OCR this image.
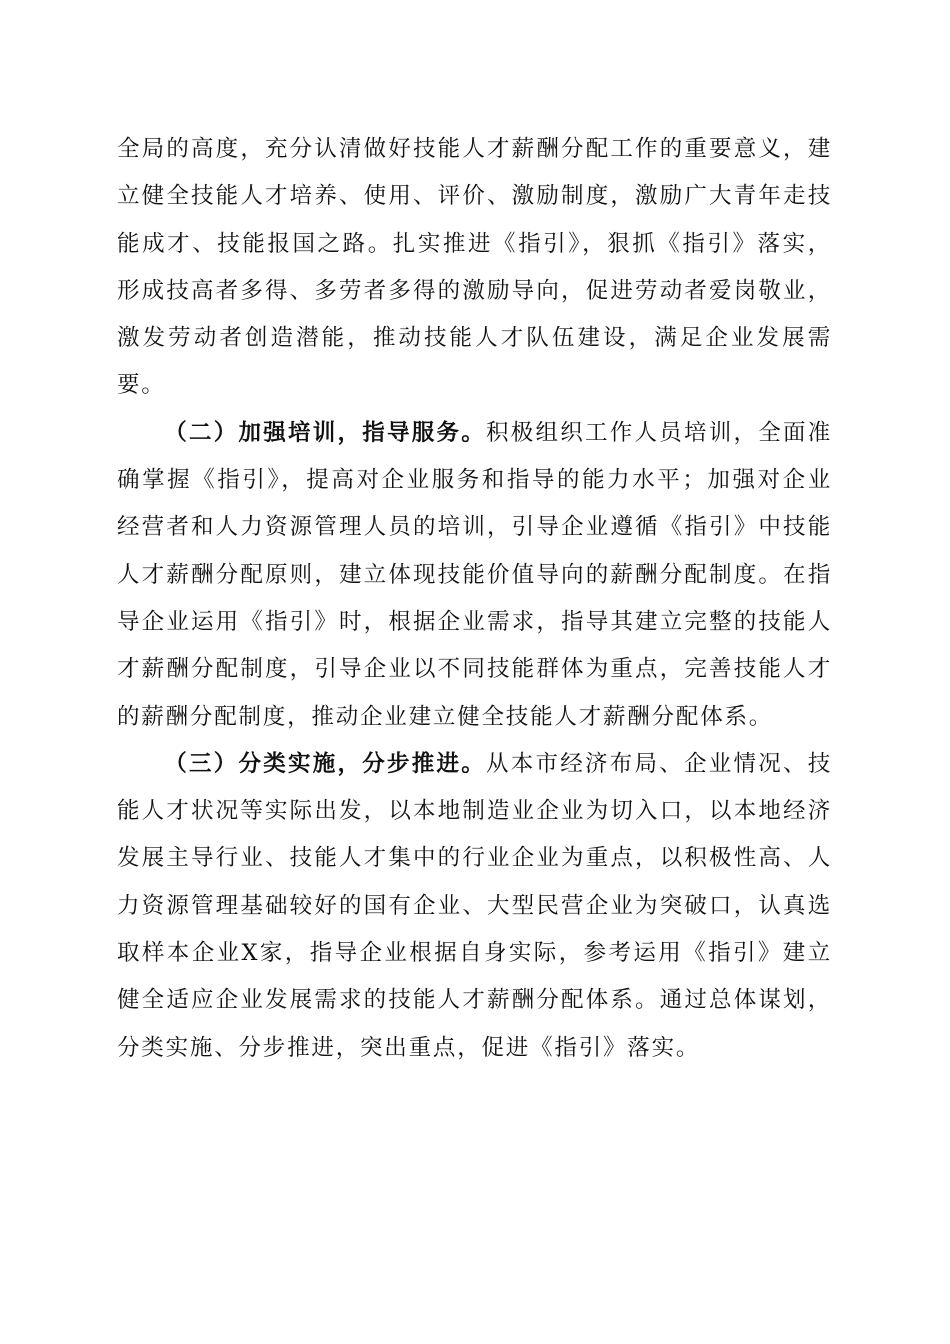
全局的高度，充分认清做好技能人才薪酬分配工作的重要意义，建立健全技能人才培养、使用、评价、激励制度，激励广大青年走技能成才、技能报国之路。扎实推进《指引》，狠抓《指引》落实，形成技高者多得、多劳者多得的激励导向，促进劳动者爱岗敬业，激发劳动者创造潜能，推动技能人才队伍建设，满足企业发展需要。

（二）加强培训，指导服务。积极组织工作人员培训，全面准确掌握《指引》，提高对企业服务和指导的能力水平；加强对企业经营者和人力资源管理人员的培训，引导企业遵循《指引》中技能人才薪酬分配原则，建立体现技能价值导向的薪酬分配制度。在指导企业运用《指引》时，根据企业需求，指导其建立完整的技能人才薪酬分配制度，引导企业以不同技能群体为重点，完善技能人才的薪酬分配制度，推动企业建立健全技能人才薪酬分配体系。

（三）分类实施，分步推进。从本市经济布局、企业情况、技能人才状况等实际出发，以本地制造业企业为切入口，以本地经济发展主导行业、技能人才集中的行业企业为重点，以积极性高、人力资源管理基础较好的国有企业、大型民营企业为突破口，认真选取样本企业X家，指导企业根据自身实际，参考运用《指引》建立健全适应企业发展需求的技能人才薪酬分配体系。通过总体谋划，分类实施、分步推进，突出重点，促进《指引》落实。
